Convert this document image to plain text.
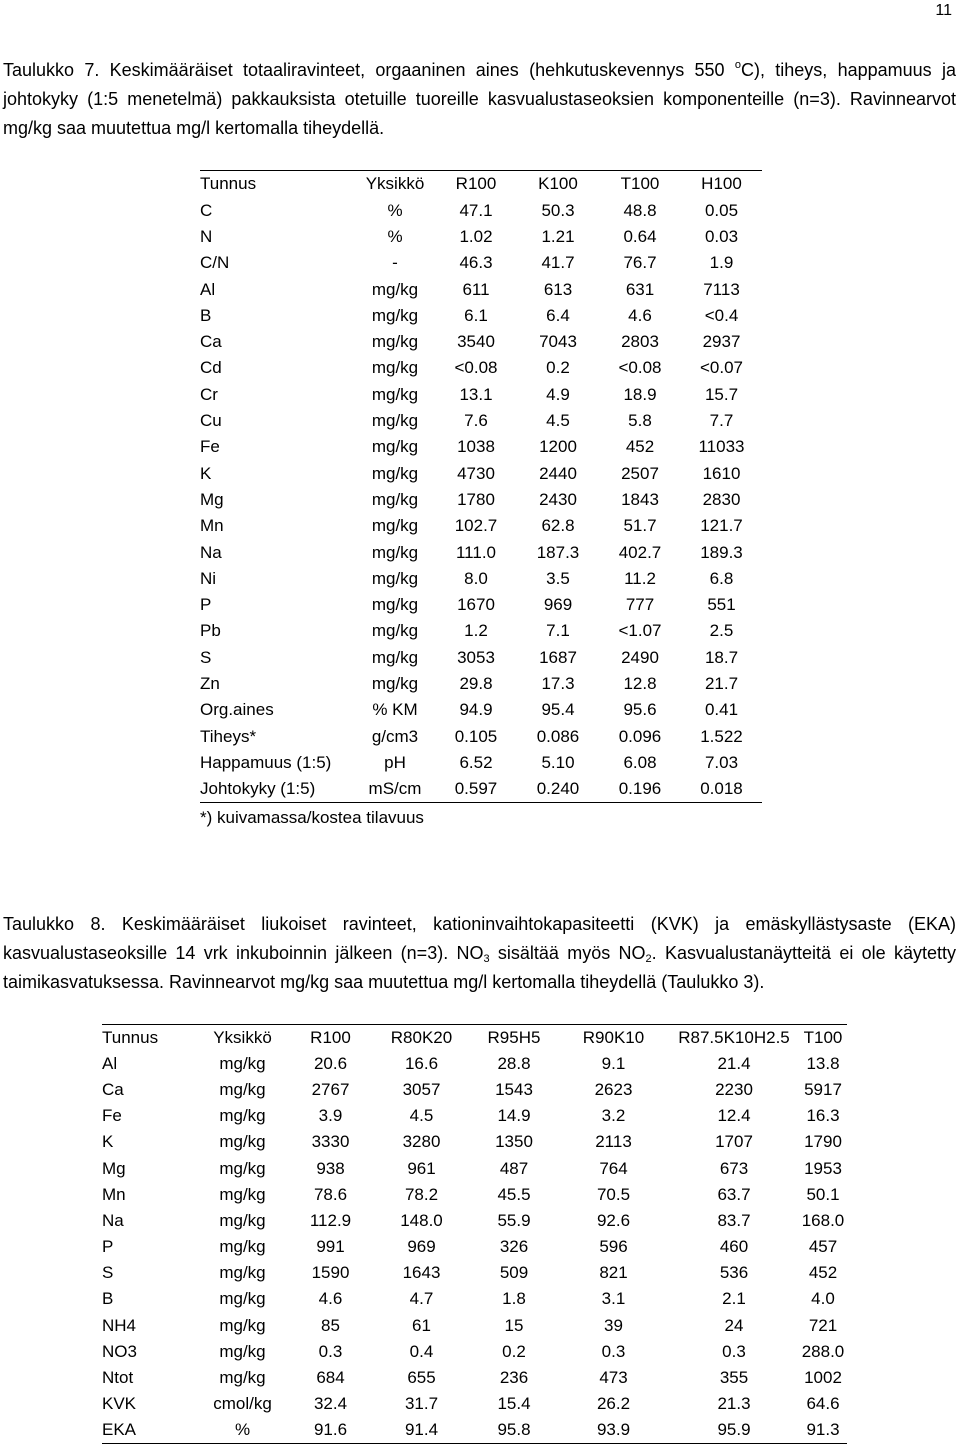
11

Taulukko 7. Keskimääräiset totaaliravinteet, orgaaninen aines (hehkutuskevennys 550 $^o$C), tiheys, happamuus ja johtokyky (1:5 menetelmä) pakkauksista otetuille tuoreille kasvualustaseoksien komponenteille (n=3). Ravinnearvot mg/kg saa muutettua mg/l kertomalla tiheydellä.

Tunnus	Yksikkö	R100	K100	T100	H100
C	%	47.1	50.3	48.8	0.05
N	%	1.02	1.21	0.64	0.03
C/N	-	46.3	41.7	76.7	1.9
Al	mg/kg	611	613	631	7113
B	mg/kg	6.1	6.4	4.6	<0.4
Ca	mg/kg	3540	7043	2803	2937
Cd	mg/kg	<0.08	0.2	<0.08	<0.07
Cr	mg/kg	13.1	4.9	18.9	15.7
Cu	mg/kg	7.6	4.5	5.8	7.7
Fe	mg/kg	1038	1200	452	11033
K	mg/kg	4730	2440	2507	1610
Mg	mg/kg	1780	2430	1843	2830
Mn	mg/kg	102.7	62.8	51.7	121.7
Na	mg/kg	111.0	187.3	402.7	189.3
Ni	mg/kg	8.0	3.5	11.2	6.8
P	mg/kg	1670	969	777	551
Pb	mg/kg	1.2	7.1	<1.07	2.5
S	mg/kg	3053	1687	2490	18.7
Zn	mg/kg	29.8	17.3	12.8	21.7
Org.aines	% KM	94.9	95.4	95.6	0.41
Tiheys*	g/cm3	0.105	0.086	0.096	1.522
Happamuus (1:5)	pH	6.52	5.10	6.08	7.03
Johtokyky (1:5)	mS/cm	0.597	0.240	0.196	0.018
*) kuivamassa/kostea tilavuus					

Taulukko 8. Keskimääräiset liukoiset ravinteet, kationinvaihtokapasiteetti (KVK) ja emäskyllästysaste (EKA) kasvualustaseoksille 14 vrk inkuboinnin jälkeen (n=3). $NO_3$ sisältää myös $NO_2$. Kasvualustanäytteitä ei ole käytetty taimikasvatuksessa. Ravinnearvot mg/kg saa muutettua mg/l kertomalla tiheydellä (Taulukko 3).

Tunnus	Yksikkö	R100	R80K20	R95H5	R90K10	R87.5K10H2.5	T100
Al	mg/kg	20.6	16.6	28.8	9.1	21.4	13.8
Ca	mg/kg	2767	3057	1543	2623	2230	5917
Fe	mg/kg	3.9	4.5	14.9	3.2	12.4	16.3
K	mg/kg	3330	3280	1350	2113	1707	1790
Mg	mg/kg	938	961	487	764	673	1953
Mn	mg/kg	78.6	78.2	45.5	70.5	63.7	50.1
Na	mg/kg	112.9	148.0	55.9	92.6	83.7	168.0
P	mg/kg	991	969	326	596	460	457
S	mg/kg	1590	1643	509	821	536	452
B	mg/kg	4.6	4.7	1.8	3.1	2.1	4.0
NH4	mg/kg	85	61	15	39	24	721
NO3	mg/kg	0.3	0.4	0.2	0.3	0.3	288.0
Ntot	mg/kg	684	655	236	473	355	1002
KVK	cmol/kg	32.4	31.7	15.4	26.2	21.3	64.6
EKA	%	91.6	91.4	95.8	93.9	95.9	91.3
